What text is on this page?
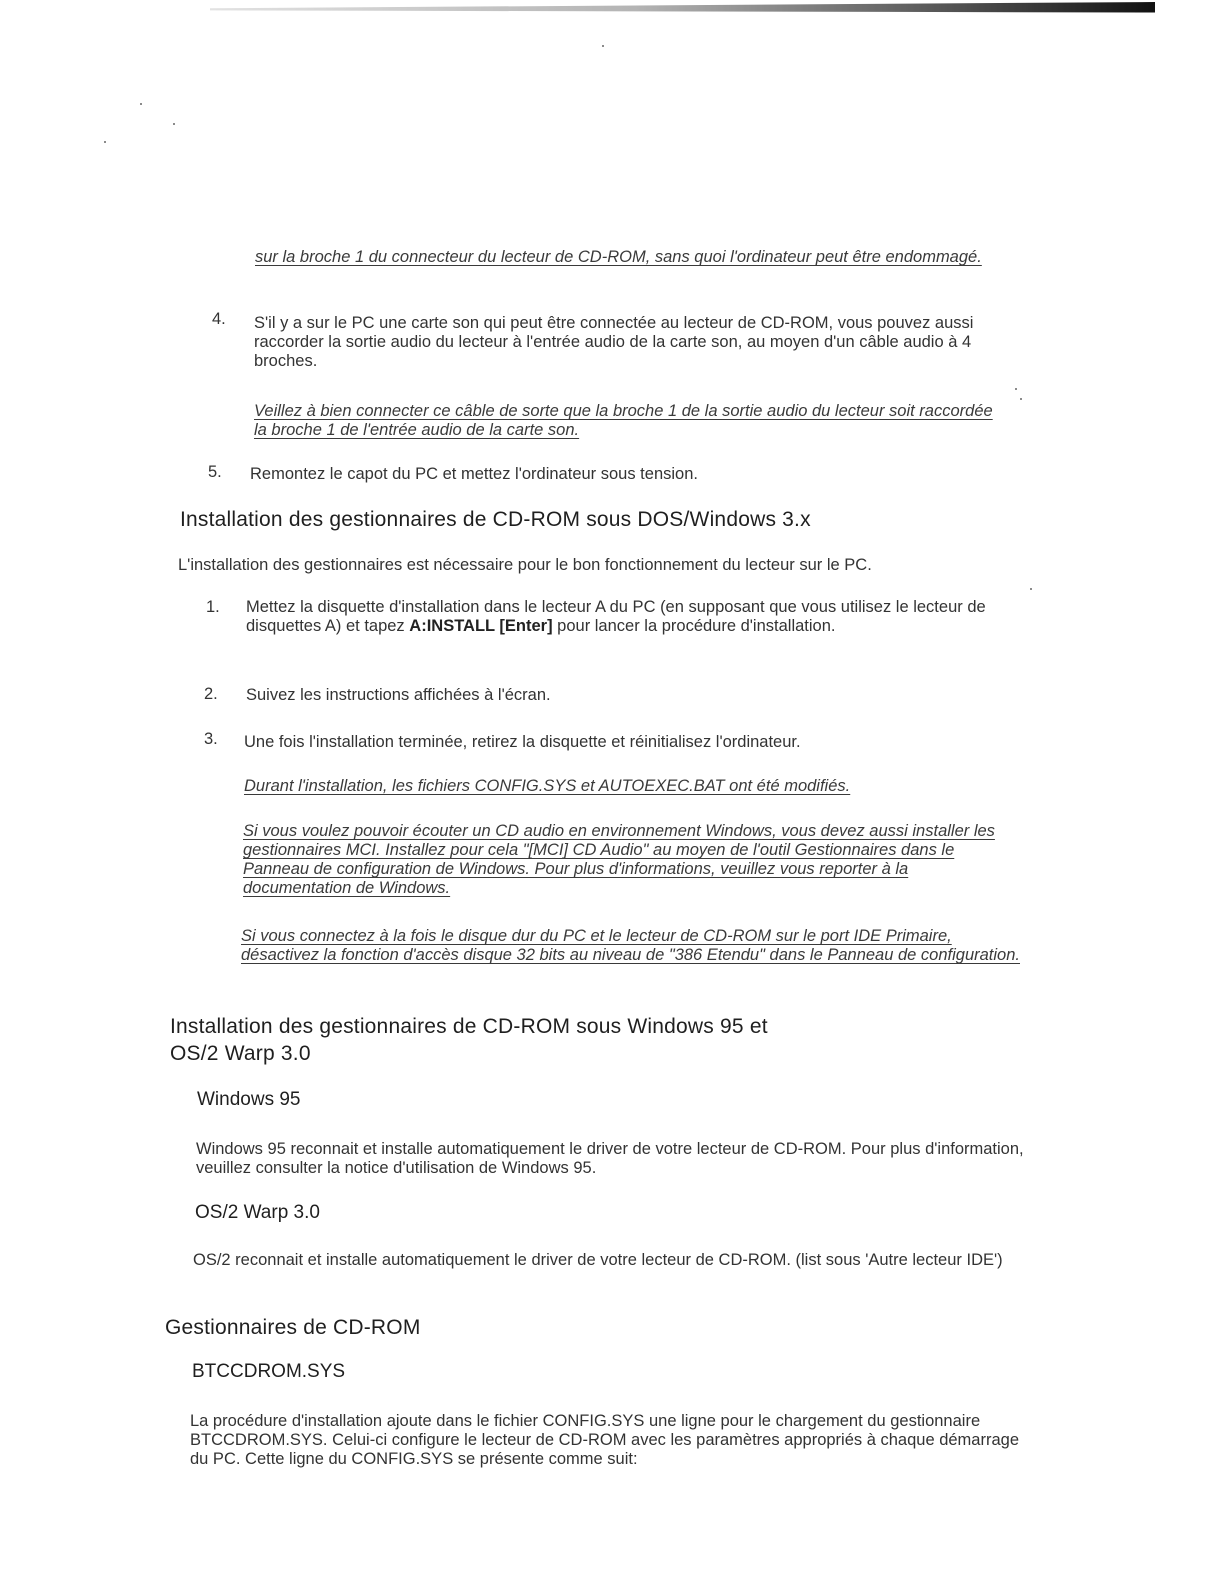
sur la broche 1 du connecteur du lecteur de CD-ROM, sans quoi l'ordinateur peut être endommagé.
4. S'il y a sur le PC une carte son qui peut être connectée au lecteur de CD-ROM, vous pouvez aussi raccorder la sortie audio du lecteur à l'entrée audio de la carte son, au moyen d'un câble audio à 4 broches.
Veillez à bien connecter ce câble de sorte que la broche 1 de la sortie audio du lecteur soit raccordée la broche 1 de l'entrée audio de la carte son.
5. Remontez le capot du PC et mettez l'ordinateur sous tension.
Installation des gestionnaires de CD-ROM sous DOS/Windows 3.x
L'installation des gestionnaires est nécessaire pour le bon fonctionnement du lecteur sur le PC.
1. Mettez la disquette d'installation dans le lecteur A du PC (en supposant que vous utilisez le lecteur de disquettes A) et tapez A:INSTALL [Enter] pour lancer la procédure d'installation.
2. Suivez les instructions affichées à l'écran.
3. Une fois l'installation terminée, retirez la disquette et réinitialisez l'ordinateur.
Durant l'installation, les fichiers CONFIG.SYS et AUTOEXEC.BAT ont été modifiés.
Si vous voulez pouvoir écouter un CD audio en environnement Windows, vous devez aussi installer les gestionnaires MCI. Installez pour cela "[MCI] CD Audio" au moyen de l'outil Gestionnaires dans le Panneau de configuration de Windows. Pour plus d'informations, veuillez vous reporter à la documentation de Windows.
Si vous connectez à la fois le disque dur du PC et le lecteur de CD-ROM sur le port IDE Primaire, désactivez la fonction d'accès disque 32 bits au niveau de "386 Etendu" dans le Panneau de configuration.
Installation des gestionnaires de CD-ROM sous Windows 95 et
OS/2 Warp 3.0
Windows 95
Windows 95 reconnait et installe automatiquement le driver de votre lecteur de CD-ROM. Pour plus d'information, veuillez consulter la notice d'utilisation de Windows 95.
OS/2 Warp 3.0
OS/2 reconnait et installe automatiquement le driver de votre lecteur de CD-ROM. (list sous 'Autre lecteur IDE')
Gestionnaires de CD-ROM
BTCCDROM.SYS
La procédure d'installation ajoute dans le fichier CONFIG.SYS une ligne pour le chargement du gestionnaire BTCCDROM.SYS. Celui-ci configure le lecteur de CD-ROM avec les paramètres appropriés à chaque démarrage du PC. Cette ligne du CONFIG.SYS se présente comme suit:
